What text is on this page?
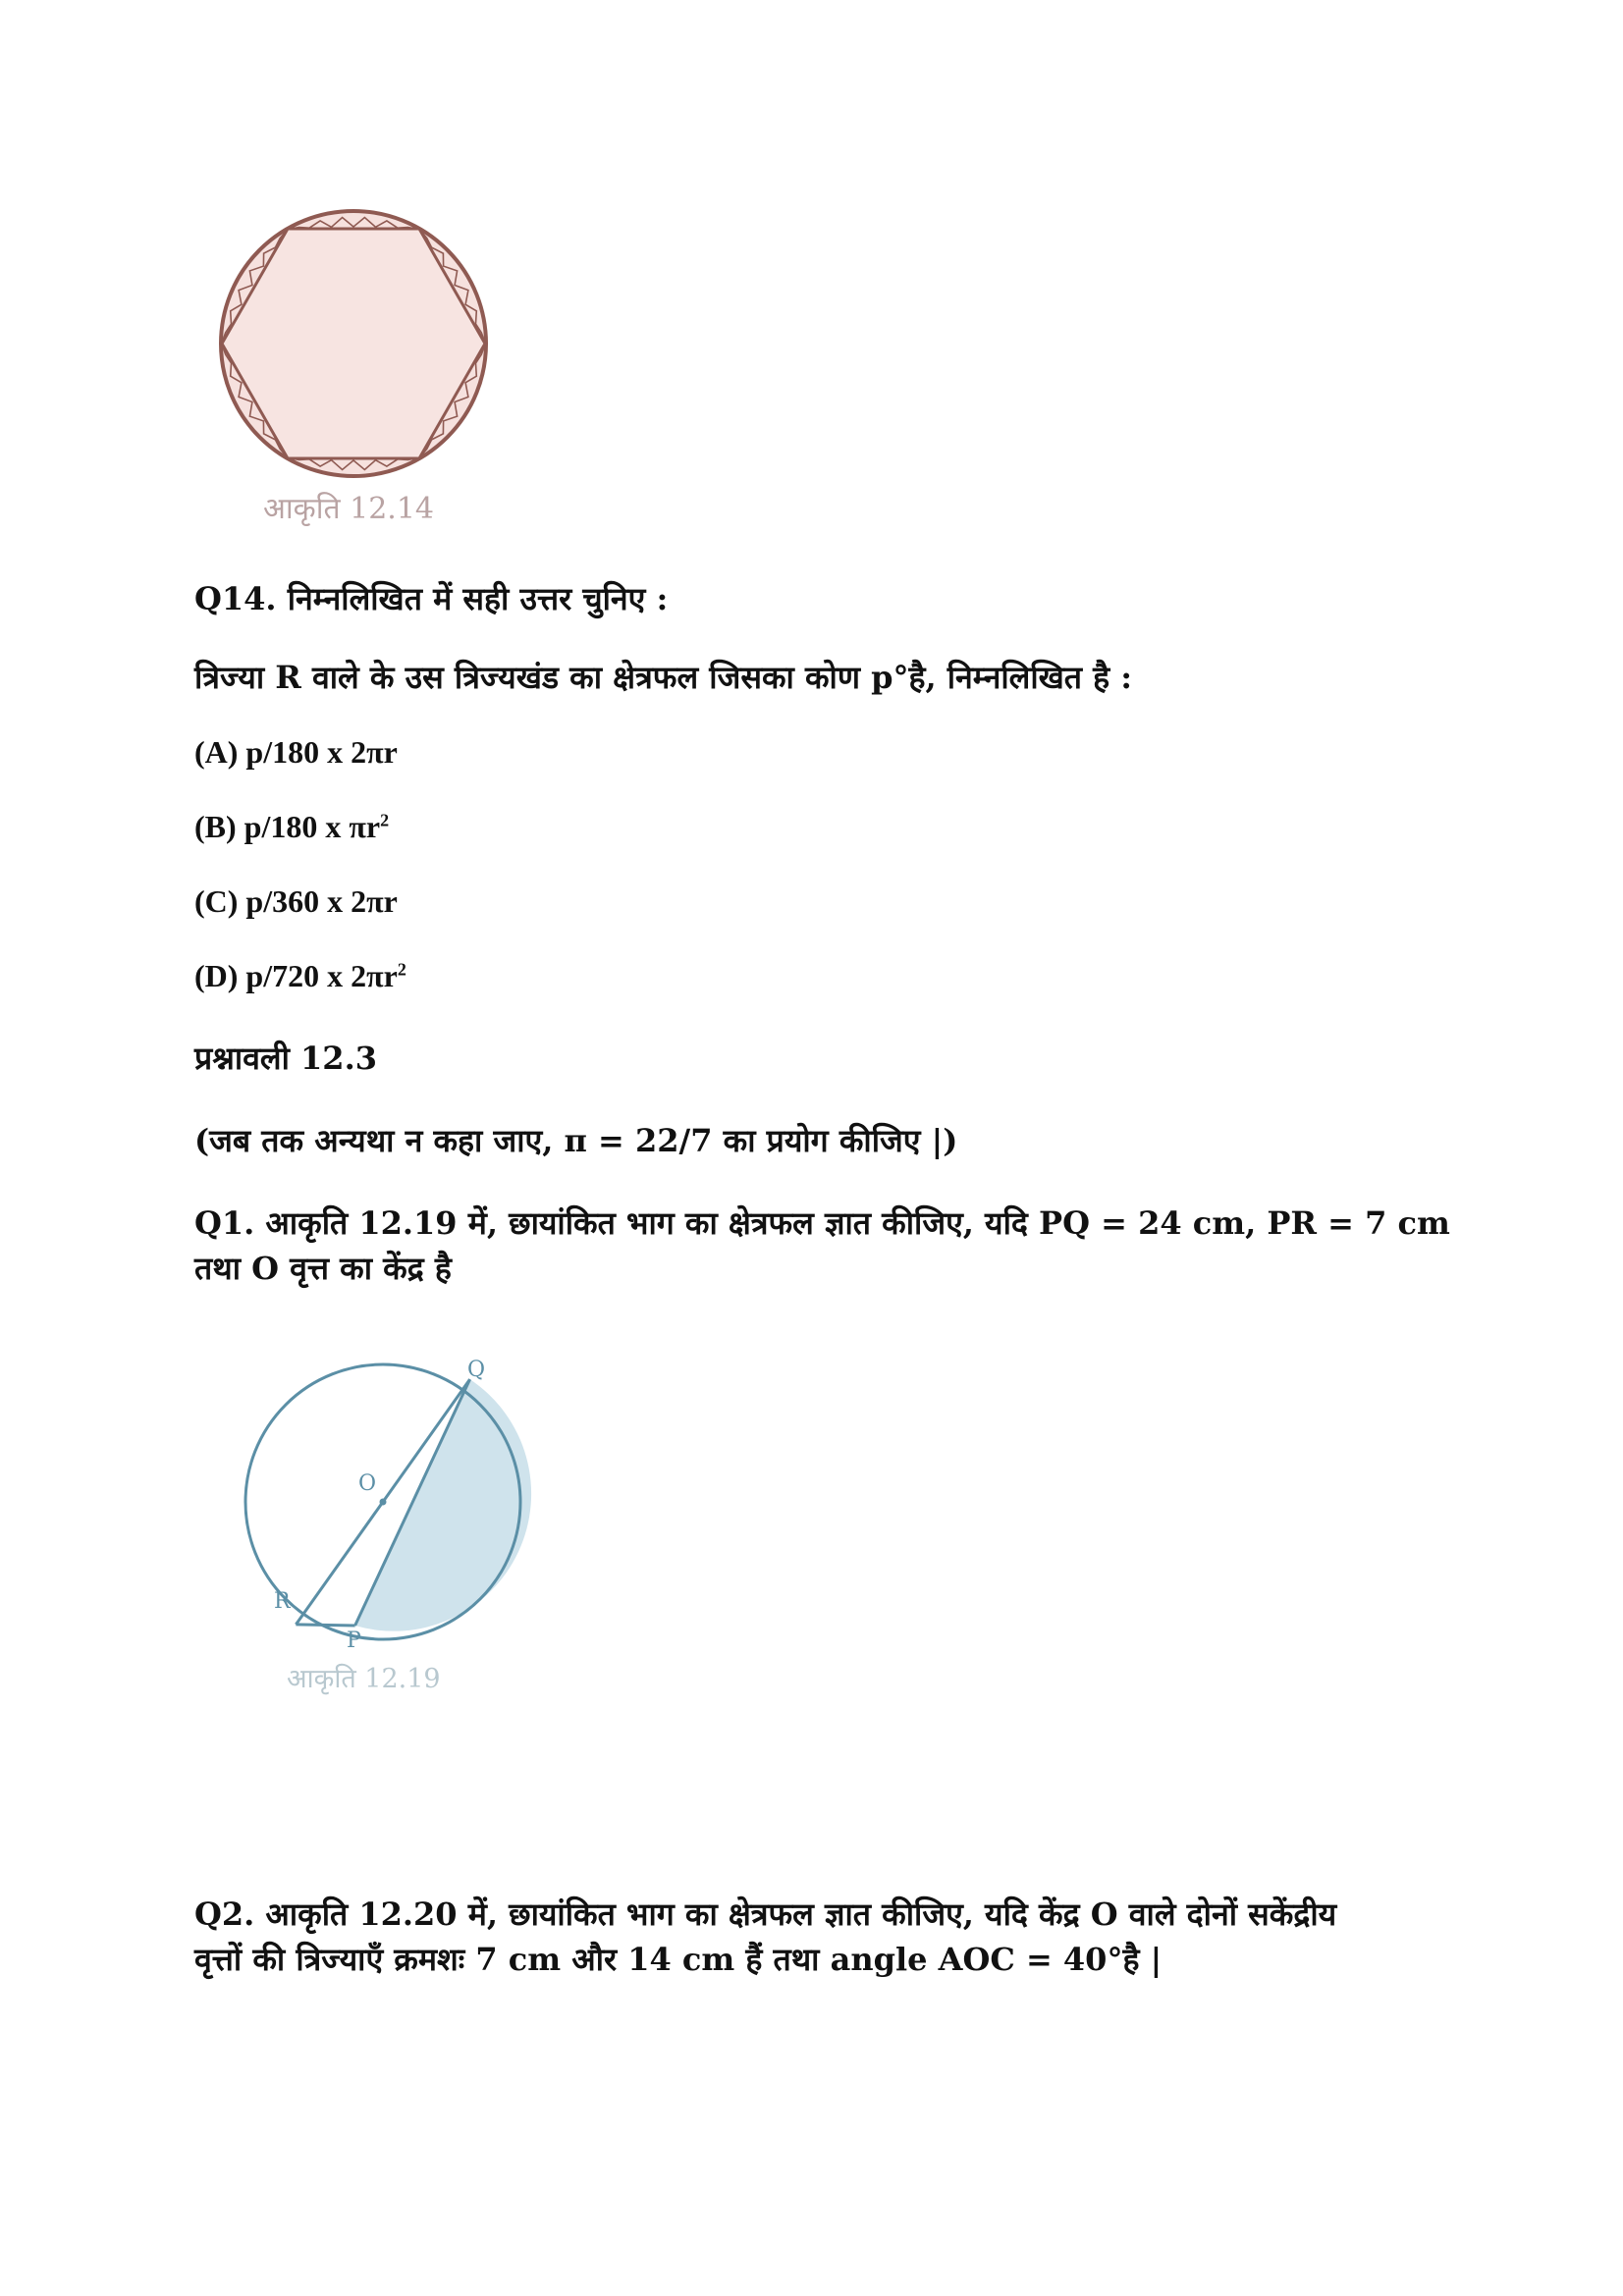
आकृति 12.14
Q14. निम्नलिखित में सही उत्तर चुनिए :
त्रिज्या R वाले के उस त्रिज्यखंड का क्षेत्रफल जिसका कोण p°है, निम्नलिखित है :
(A) p/180 x 2πr
(B) p/180 x $\pi r^2$
(C) p/360 x 2πr
(D) p/720 x $2\pi r^2$
प्रश्नावली 12.3
(जब तक अन्यथा न कहा जाए, π = 22/7 का प्रयोग कीजिए |)
Q1. आकृति 12.19 में, छायांकित भाग का क्षेत्रफल ज्ञात कीजिए, यदि PQ = 24 cm, PR = 7 cm
तथा O वृत्त का केंद्र है
Q
O
R
P
आकृति 12.19
Q2. आकृति 12.20 में, छायांकित भाग का क्षेत्रफल ज्ञात कीजिए, यदि केंद्र O वाले दोनों सकेंद्रीय
वृत्तों की त्रिज्याएँ क्रमशः 7 cm और 14 cm हैं तथा angle AOC = 40°है |
